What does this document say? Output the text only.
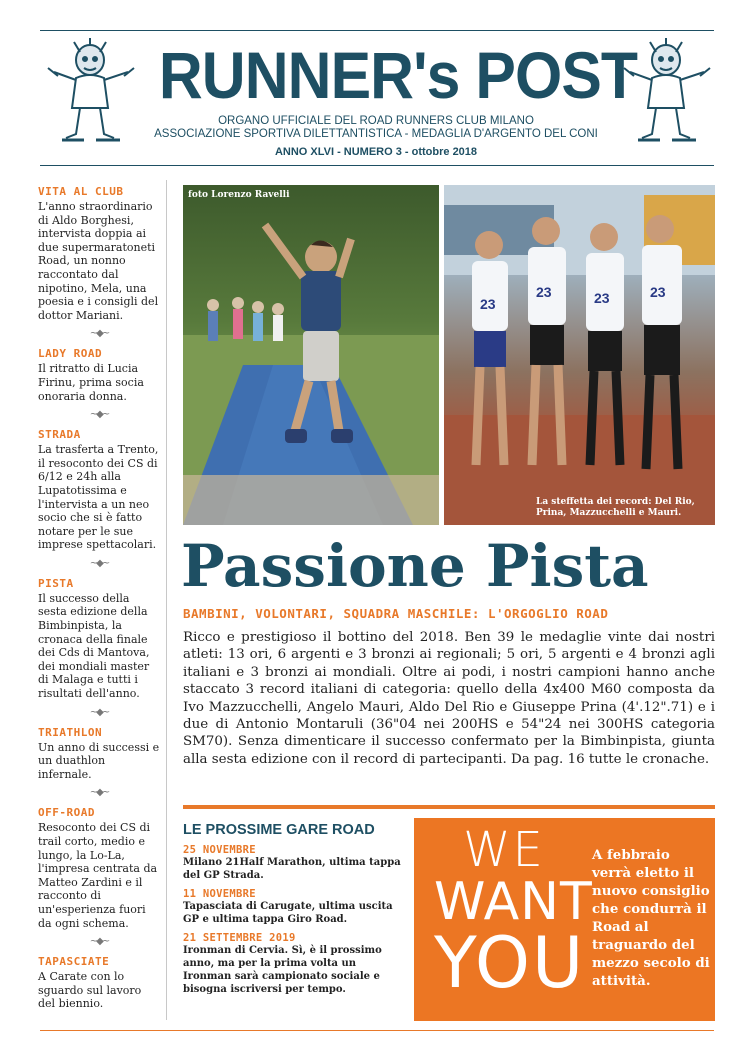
RUNNER's POST
ORGANO UFFICIALE DEL ROAD RUNNERS CLUB MILANO
ASSOCIAZIONE SPORTIVA DILETTANTISTICA - MEDAGLIA D'ARGENTO DEL CONI
ANNO XLVI - NUMERO 3 - ottobre 2018
VITA AL CLUB
L'anno straordinario di Aldo Borghesi, intervista doppia ai due supermaratoneti Road, un nonno raccontato dal nipotino, Mela, una poesia e i consigli del dottor Mariani.
~◆~
LADY ROAD
Il ritratto di Lucia Firinu, prima socia onoraria donna.
~◆~
STRADA
La trasferta a Trento, il resoconto dei CS di 6/12 e 24h alla Lupatotissima e l'intervista a un neo socio che si è fatto notare per le sue imprese spettacolari.
~◆~
PISTA
Il successo della sesta edizione della Bimbinpista, la cronaca della finale dei Cds di Mantova, dei mondiali master di Malaga e tutti i risultati dell'anno.
~◆~
TRIATHLON
Un anno di successi e un duathlon infernale.
~◆~
OFF-ROAD
Resoconto dei CS di trail corto, medio e lungo, la Lo-La, l'impresa centrata da Matteo Zardini e il racconto di un'esperienza fuori da ogni schema.
~◆~
TAPASCIATE
A Carate con lo sguardo sul lavoro del biennio.
foto Lorenzo Ravelli
23
23	23	23
La steffetta dei record: Del Rio, Prina, Mazzucchelli e Mauri.
Passione Pista
BAMBINI, VOLONTARI, SQUADRA MASCHILE: L'ORGOGLIO ROAD
Ricco e prestigioso il bottino del 2018. Ben 39 le medaglie vinte dai nostri atleti: 13 ori, 6 argenti e 3 bronzi ai regionali; 5 ori, 5 argenti e 4 bronzi agli italiani e 3 bronzi ai mondiali. Oltre ai podi, i nostri campioni hanno anche staccato 3 record italiani di categoria: quello della 4x400 M60 composta da Ivo Mazzucchelli, Angelo Mauri, Aldo Del Rio e Giuseppe Prina (4'.12".71) e i due di Antonio Montaruli (36"04 nei 200HS e 54"24 nei 300HS categoria SM70). Senza dimenticare il successo confermato per la Bimbinpista, giunta alla sesta edizione con il record di partecipanti. Da pag. 16 tutte le cronache.
LE PROSSIME GARE ROAD
25 NOVEMBRE
Milano 21Half Marathon, ultima tappa del GP Strada.
11 NOVEMBRE
Tapasciata di Carugate, ultima uscita GP e ultima tappa Giro Road.
21 SETTEMBRE 2019
Ironman di Cervia. Sì, è il prossimo anno, ma per la prima volta un Ironman sarà campionato sociale e bisogna iscriversi per tempo.
WE
WANT
YOU
A febbraio verrà eletto il nuovo consiglio che condurrà il Road al traguardo del mezzo secolo di attività.
